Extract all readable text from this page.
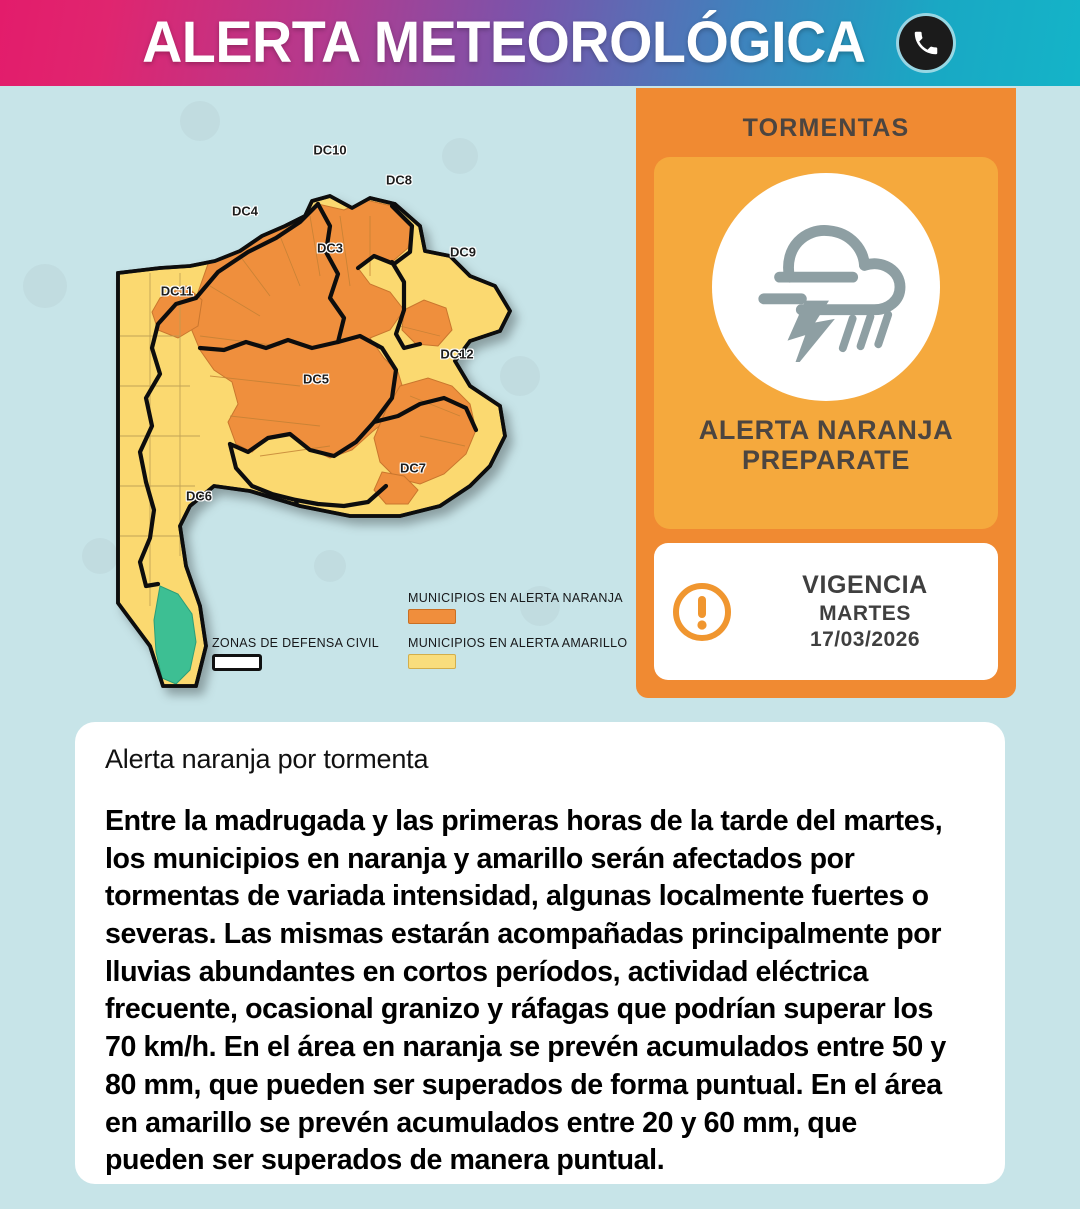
ALERTA METEOROLÓGICA
DC10
DC8
DC4
DC3	DC9
DC11
DC12
DC5
DC7
DC6
MUNICIPIOS EN ALERTA NARANJA
MUNICIPIOS EN ALERTA AMARILLO
ZONAS DE DEFENSA CIVIL
TORMENTAS
ALERTA NARANJA
PREPARATE
VIGENCIA
MARTES
17/03/2026
Alerta naranja por tormenta
Entre la madrugada y las primeras horas de la tarde del martes, los municipios en naranja y amarillo serán afectados por tormentas de variada intensidad, algunas localmente fuertes o severas. Las mismas estarán acompañadas principalmente por lluvias abundantes en cortos períodos, actividad eléctrica frecuente, ocasional granizo y ráfagas que podrían superar los 70 km/h. En el área en naranja se prevén acumulados entre 50 y 80 mm, que pueden ser superados de forma puntual. En el área en amarillo se prevén acumulados entre 20 y 60 mm, que pueden ser superados de manera puntual.
